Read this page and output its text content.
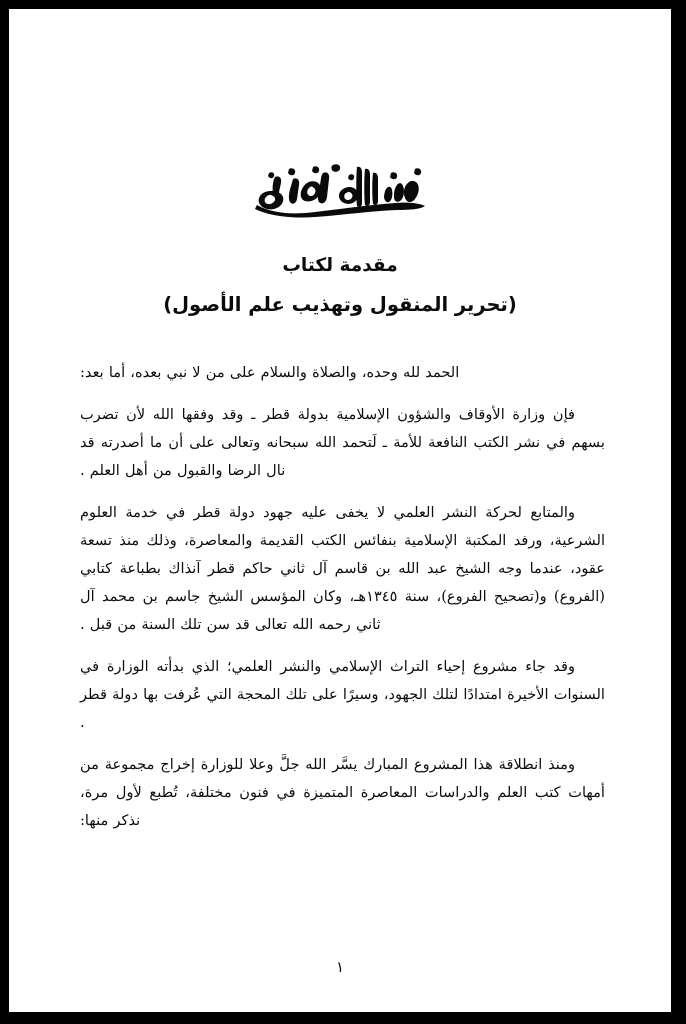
مقدمة لكتاب
(تحرير المنقول وتهذيب علم الأصول)

الحمد لله وحده، والصلاة والسلام على من لا نبي بعده، أما بعد:

فإن وزارة الأوقاف والشؤون الإسلامية بدولة قطر ـ وقد وفقها الله لأن تضرب بسهم في نشر الكتب النافعة للأمة ـ لَتحمد الله سبحانه وتعالى على أن ما أصدرته قد نال الرضا والقبول من أهل العلم .

والمتابع لحركة النشر العلمي لا يخفى عليه جهود دولة قطر في خدمة العلوم الشرعية، ورفد المكتبة الإسلامية بنفائس الكتب القديمة والمعاصرة، وذلك منذ تسعة عقود، عندما وجه الشيخ عبد الله بن قاسم آل ثاني حاكم قطر آنذاك بطباعة كتابي (الفروع) و(تصحيح الفروع)، سنة ١٣٤٥هـ، وكان المؤسس الشيخ جاسم بن محمد آل ثاني رحمه الله تعالى قد سن تلك السنة من قبل .

وقد جاء مشروع إحياء التراث الإسلامي والنشر العلمي؛ الذي بدأته الوزارة في السنوات الأخيرة امتدادًا لتلك الجهود، وسيرًا على تلك المحجة التي عُرفت بها دولة قطر .

ومنذ انطلاقة هذا المشروع المبارك يسَّر الله جلَّ وعلا للوزارة إخراج مجموعة من أمهات كتب العلم والدراسات المعاصرة المتميزة في فنون مختلفة، تُطبع لأول مرة، نذكر منها:

١
